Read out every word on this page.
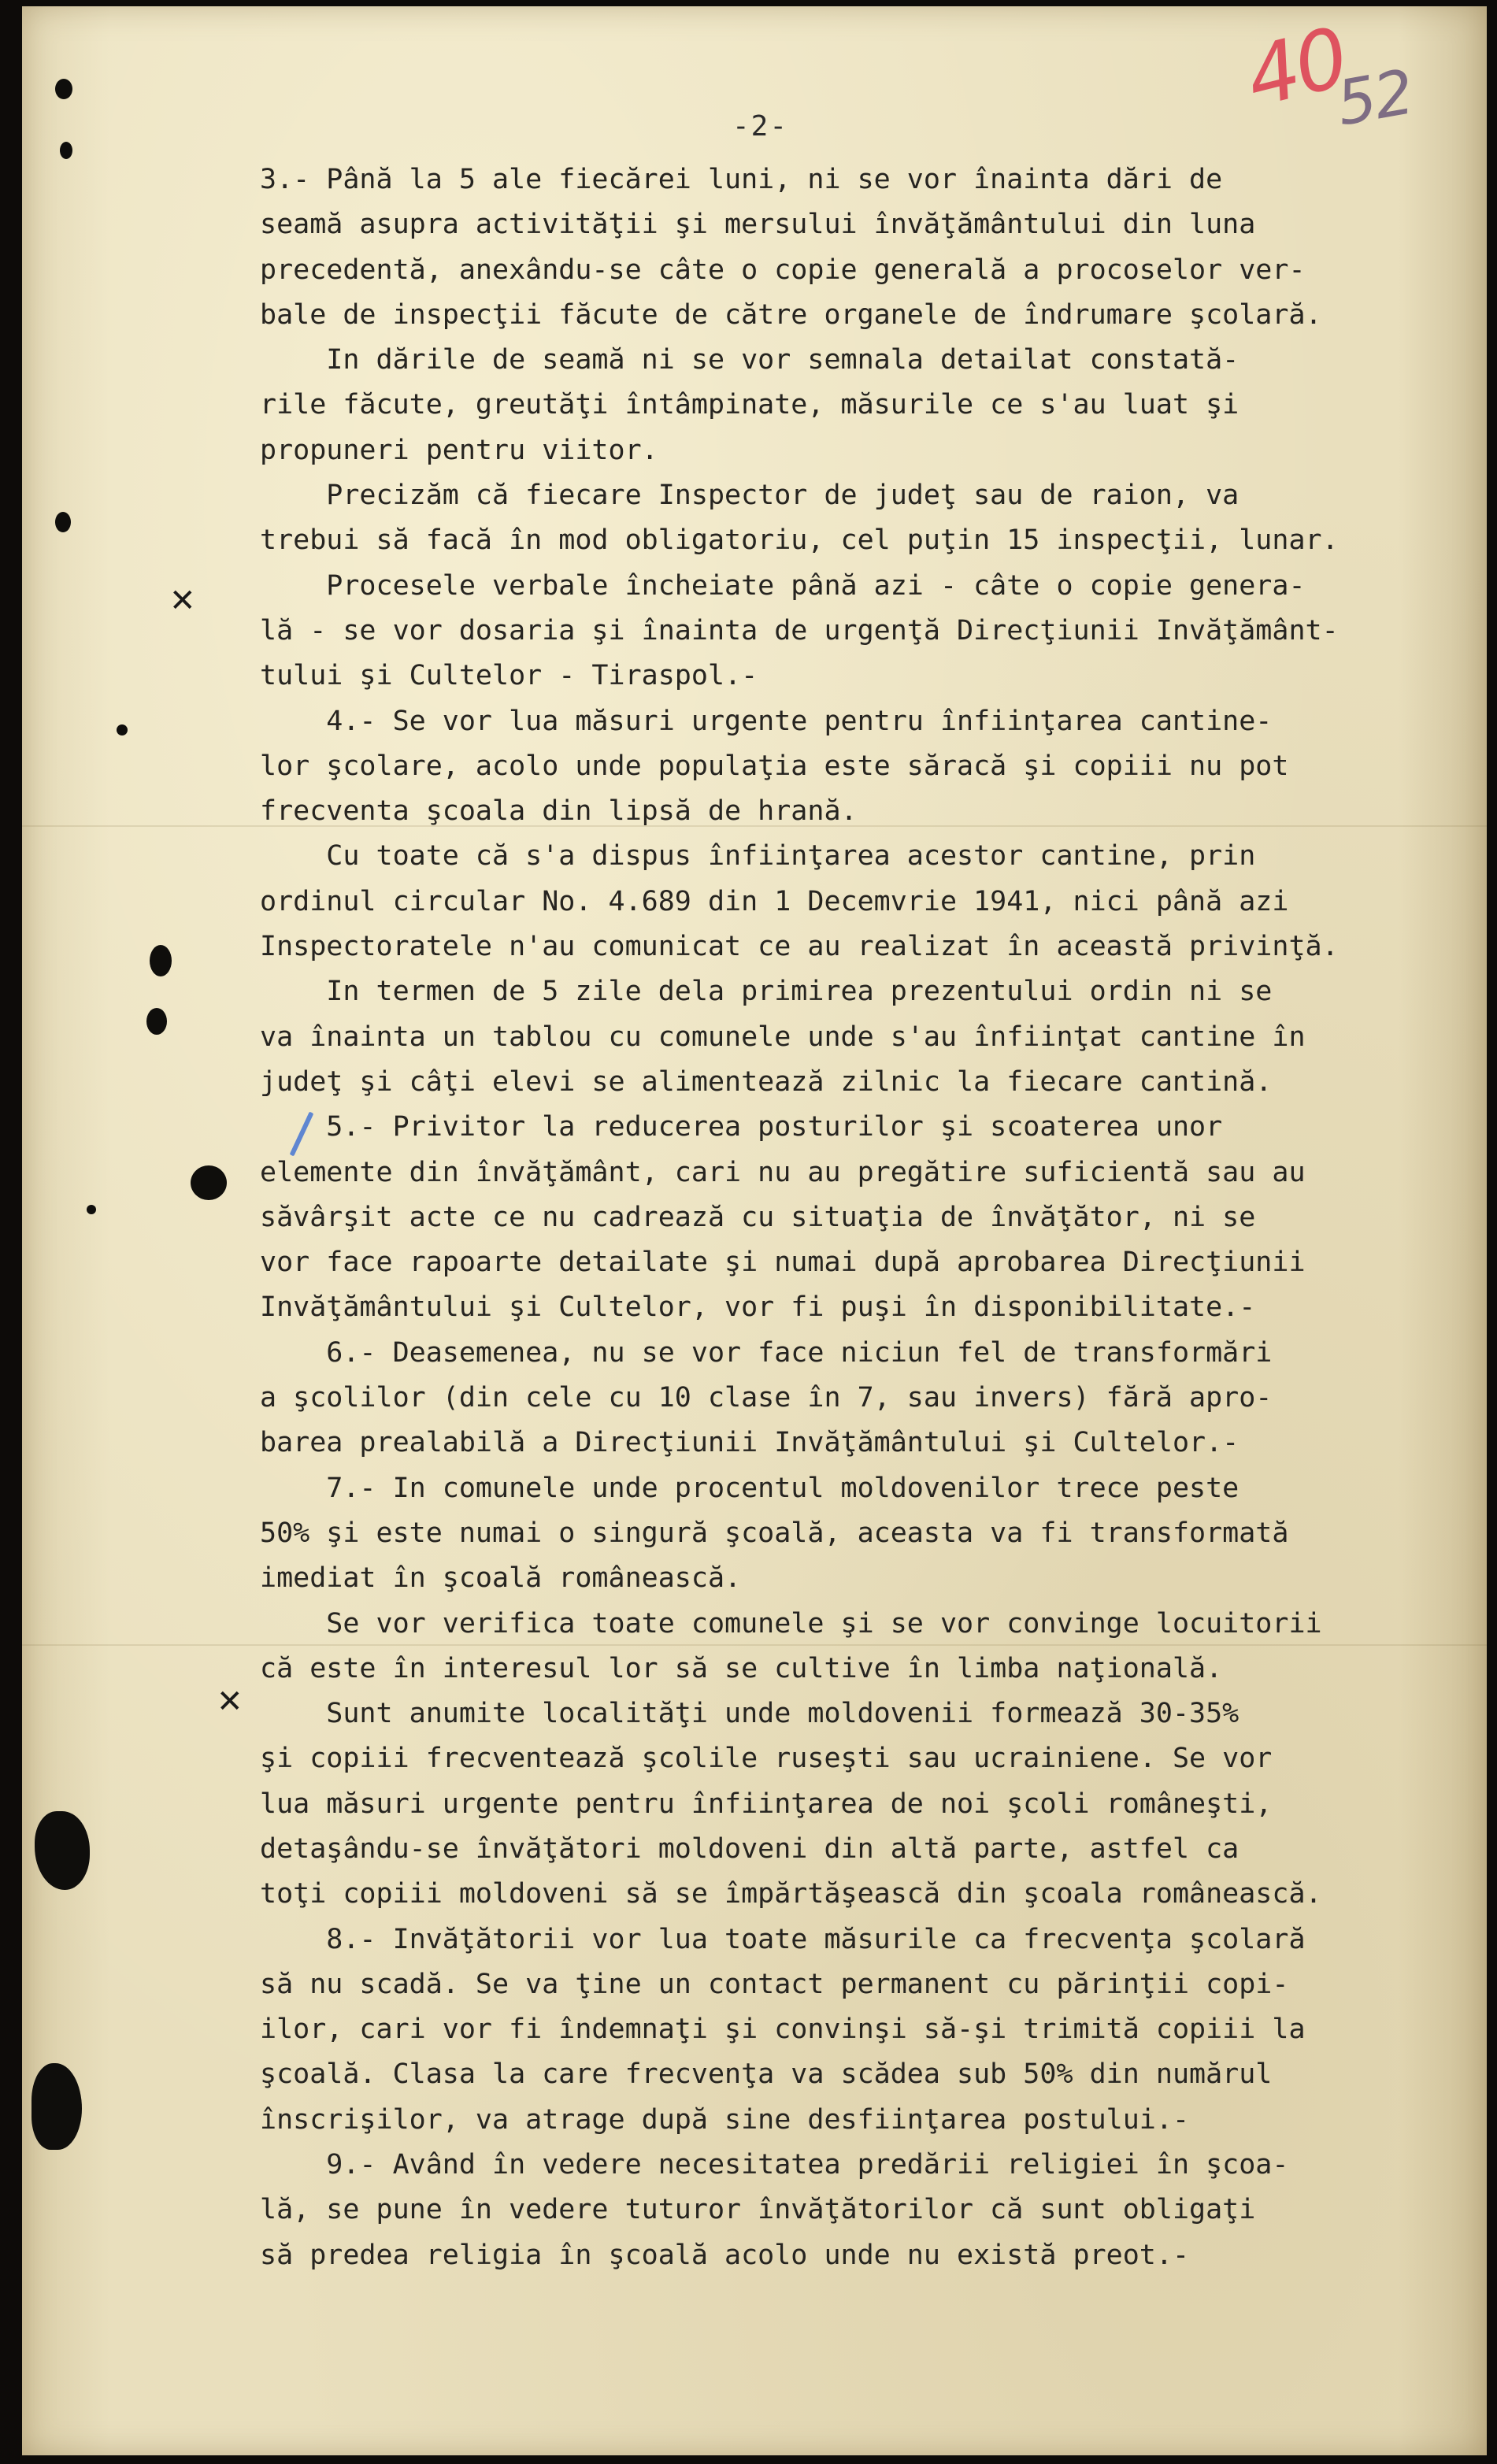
✕
✕
40
52
-2-
3.- Până la 5 ale fiecărei luni, ni se vor înainta dări de
seamă asupra activităţii şi mersului învăţământului din luna
precedentă, anexându-se câte o copie generală a procoselor ver-
bale de inspecţii făcute de către organele de îndrumare şcolară.
In dările de seamă ni se vor semnala detailat constată-
rile făcute, greutăţi întâmpinate, măsurile ce s'au luat şi
propuneri pentru viitor.
Precizăm că fiecare Inspector de judeţ sau de raion, va
trebui să facă în mod obligatoriu, cel puţin 15 inspecţii, lunar.
Procesele verbale încheiate până azi - câte o copie genera-
lă - se vor dosaria şi înainta de urgenţă Direcţiunii Invăţământ-
tului şi Cultelor - Tiraspol.-
4.- Se vor lua măsuri urgente pentru înfiinţarea cantine-
lor şcolare, acolo unde populaţia este săracă şi copiii nu pot
frecventa şcoala din lipsă de hrană.
Cu toate că s'a dispus înfiinţarea acestor cantine, prin
ordinul circular No. 4.689 din 1 Decemvrie 1941, nici până azi
Inspectoratele n'au comunicat ce au realizat în această privinţă.
In termen de 5 zile dela primirea prezentului ordin ni se
va înainta un tablou cu comunele unde s'au înfiinţat cantine în
judeţ şi câţi elevi se alimentează zilnic la fiecare cantină.
5.- Privitor la reducerea posturilor şi scoaterea unor
elemente din învăţământ, cari nu au pregătire suficientă sau au
săvârşit acte ce nu cadrează cu situaţia de învăţător, ni se
vor face rapoarte detailate şi numai după aprobarea Direcţiunii
Invăţământului şi Cultelor, vor fi puşi în disponibilitate.-
6.- Deasemenea, nu se vor face niciun fel de transformări
a şcolilor (din cele cu 10 clase în 7, sau invers) fără apro-
barea prealabilă a Direcţiunii Invăţământului şi Cultelor.-
7.- In comunele unde procentul moldovenilor trece peste
50% şi este numai o singură şcoală, aceasta va fi transformată
imediat în şcoală românească.
Se vor verifica toate comunele şi se vor convinge locuitorii
că este în interesul lor să se cultive în limba naţională.
Sunt anumite localităţi unde moldovenii formează 30-35%
şi copiii frecventează şcolile ruseşti sau ucrainiene. Se vor
lua măsuri urgente pentru înfiinţarea de noi şcoli româneşti,
detaşându-se învăţători moldoveni din altă parte, astfel ca
toţi copiii moldoveni să se împărtăşească din şcoala românească.
8.- Invăţătorii vor lua toate măsurile ca frecvenţa şcolară
să nu scadă. Se va ţine un contact permanent cu părinţii copi-
ilor, cari vor fi îndemnaţi şi convinşi să-şi trimită copiii la
şcoală. Clasa la care frecvenţa va scădea sub 50% din numărul
înscrişilor, va atrage după sine desfiinţarea postului.-
9.- Având în vedere necesitatea predării religiei în şcoa-
lă, se pune în vedere tuturor învăţătorilor că sunt obligaţi
să predea religia în şcoală acolo unde nu există preot.-
